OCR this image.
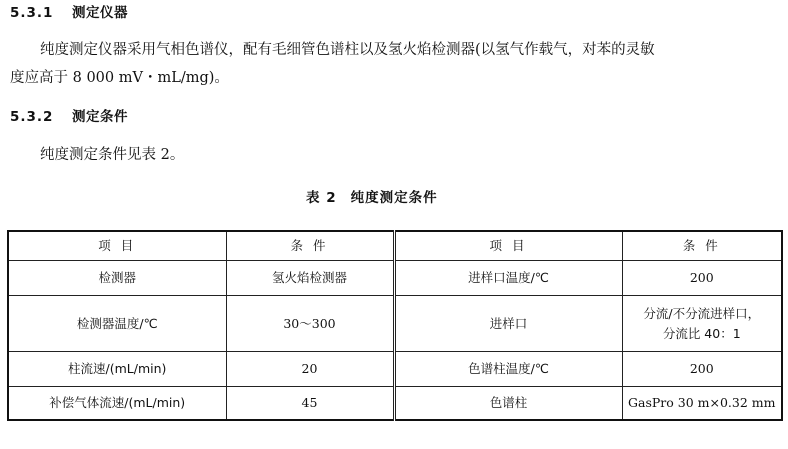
5.3.1 测定仪器
纯度测定仪器采用气相色谱仪，配有毛细管色谱柱以及氢火焰检测器(以氢气作载气，对苯的灵敏
度应高于 8 000 mV・mL/mg)。
5.3.2 测定条件
纯度测定条件见表 2。
表 2 纯度测定条件
项 目	条 件	项 目	条 件
检测器	氢火焰检测器	进样口温度/℃	200
检测器温度/℃	30～300	进样口	分流/不分流进样口，
分流比 40：1

柱流速/(mL/min)	20	色谱柱温度/℃	200
补偿气体流速/(mL/min)	45	色谱柱	GasPro 30 m×0.32 mm
